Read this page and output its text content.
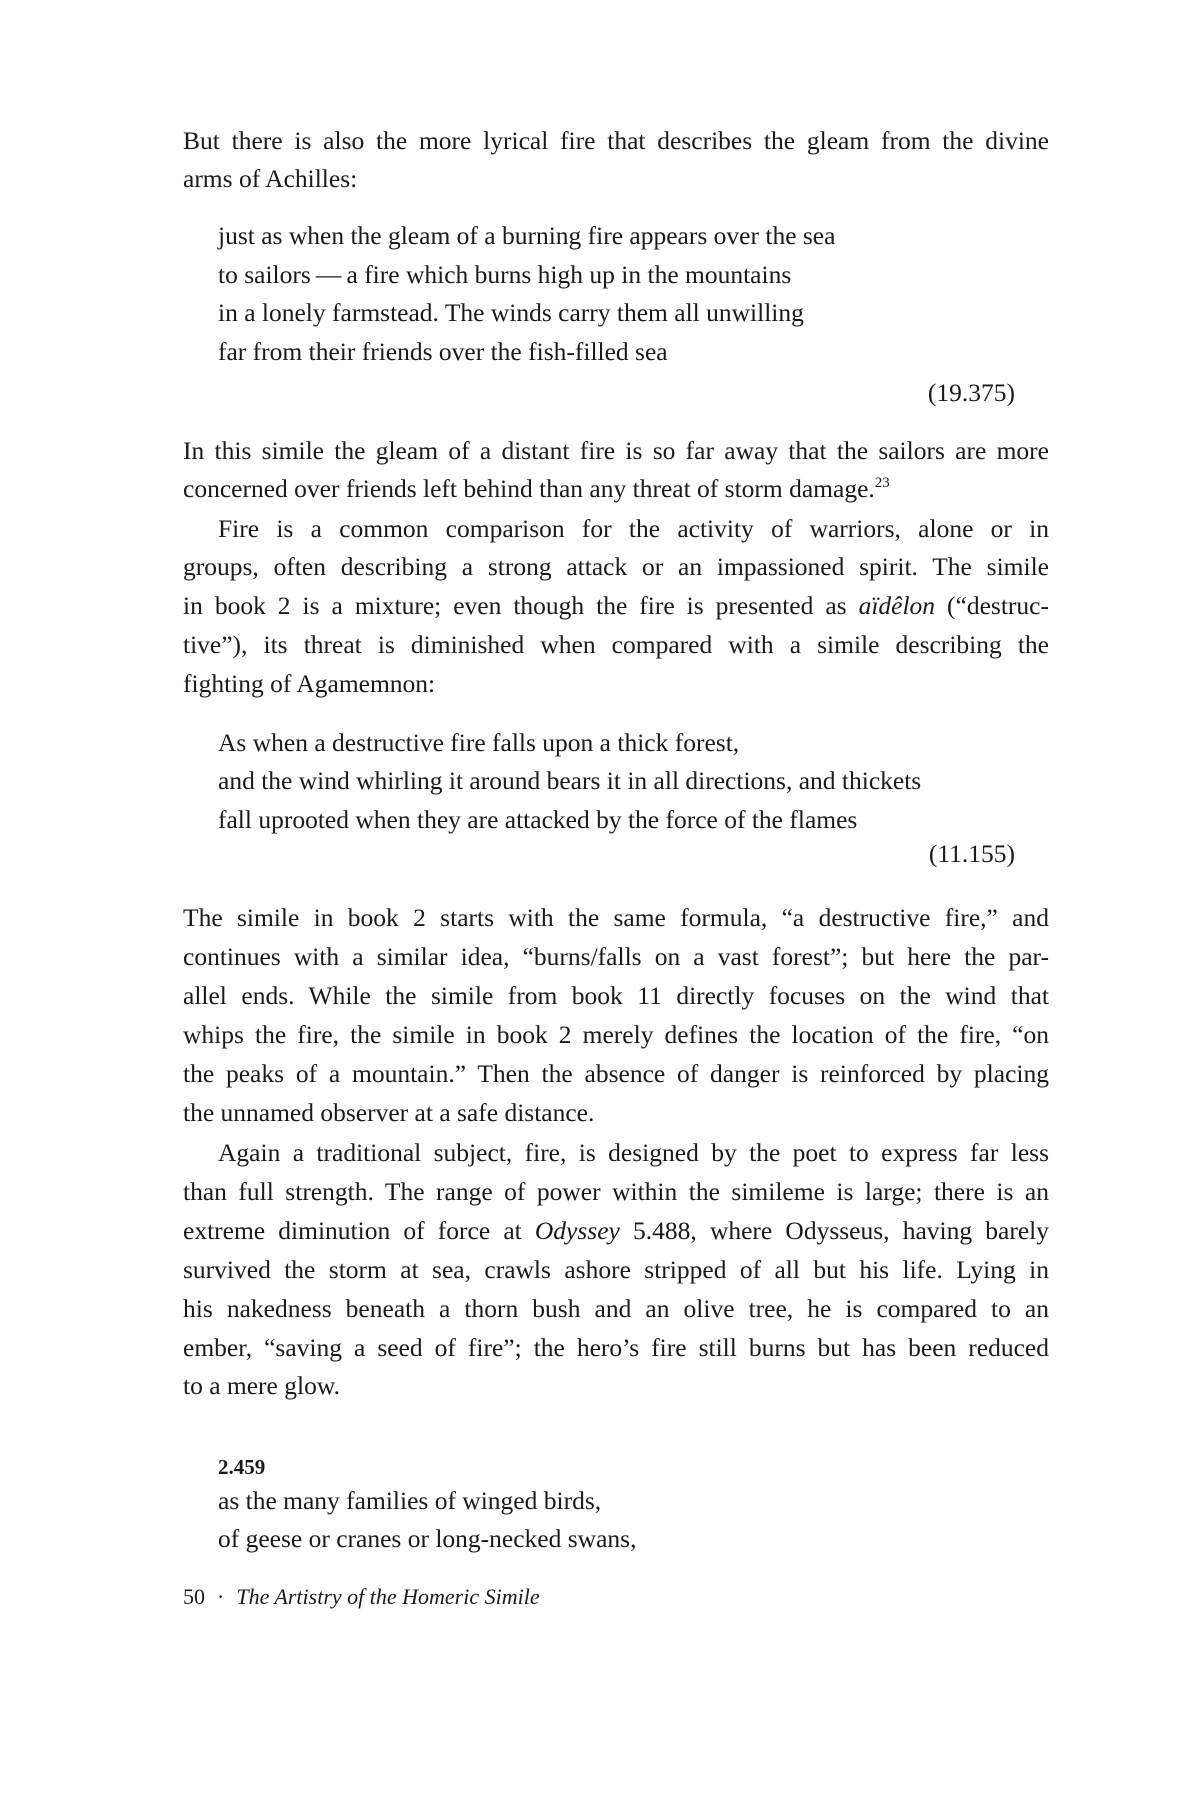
But there is also the more lyrical fire that describes the gleam from the divine
arms of Achilles:
just as when the gleam of a burning fire appears over the sea
to sailors — a fire which burns high up in the mountains
in a lonely farmstead. The winds carry them all unwilling
far from their friends over the fish-filled sea
(19.375)
In this simile the gleam of a distant fire is so far away that the sailors are more
concerned over friends left behind than any threat of storm damage.$^{23}$
Fire is a common comparison for the activity of warriors, alone or in
groups, often describing a strong attack or an impassioned spirit. The simile
in book 2 is a mixture; even though the fire is presented as aïdêlon (“destruc-
tive”), its threat is diminished when compared with a simile describing the
fighting of Agamemnon:
As when a destructive fire falls upon a thick forest,
and the wind whirling it around bears it in all directions, and thickets
fall uprooted when they are attacked by the force of the flames
(11.155)
The simile in book 2 starts with the same formula, “a destructive fire,” and
continues with a similar idea, “burns/falls on a vast forest”; but here the par-
allel ends. While the simile from book 11 directly focuses on the wind that
whips the fire, the simile in book 2 merely defines the location of the fire, “on
the peaks of a mountain.” Then the absence of danger is reinforced by placing
the unnamed observer at a safe distance.
Again a traditional subject, fire, is designed by the poet to express far less
than full strength. The range of power within the simileme is large; there is an
extreme diminution of force at Odyssey 5.488, where Odysseus, having barely
survived the storm at sea, crawls ashore stripped of all but his life. Lying in
his nakedness beneath a thorn bush and an olive tree, he is compared to an
ember, “saving a seed of fire”; the hero’s fire still burns but has been reduced
to a mere glow.
2.459
as the many families of winged birds,
of geese or cranes or long-necked swans,
50 · The Artistry of the Homeric Simile
